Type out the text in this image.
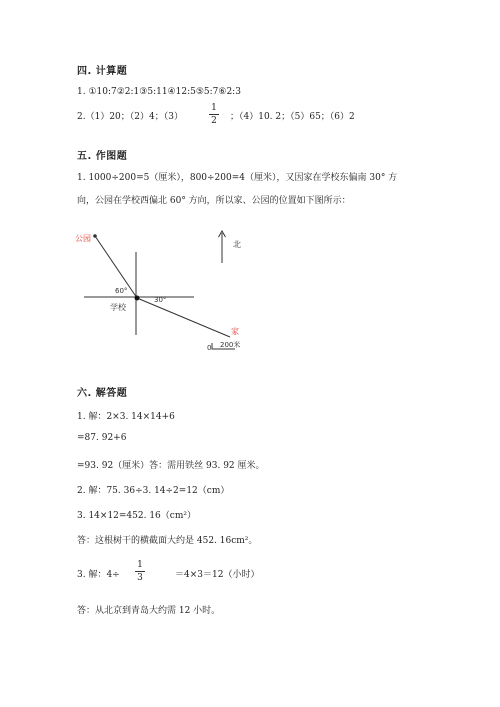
四. 计算题
1. ①10:7②2:1③5:11④12:5⑤5:7⑥2:3
2.（1）20；（2）4；（3）
1
2 ；（4）10. 2；（5）65；（6）2
五. 作图题
1. 1000÷200=5（厘米），800÷200=4（厘米），又因家在学校东偏南 30° 方
向，公园在学校西偏北 60° 方向，所以家、公园的位置如下图所示：
公园
北
60°
30°
学校
家
0 200米
六. 解答题
1. 解：2×3. 14×14+6
=87. 92+6
=93. 92（厘米）答：需用铁丝 93. 92 厘米。
2. 解：75. 36÷3. 14÷2=12（cm）
3. 14×12=452. 16（cm²）
答：这根树干的横截面大约是 452. 16cm²。
3. 解：4÷
1
3	＝4×3＝12（小时）
答：从北京到青岛大约需 12 小时。
